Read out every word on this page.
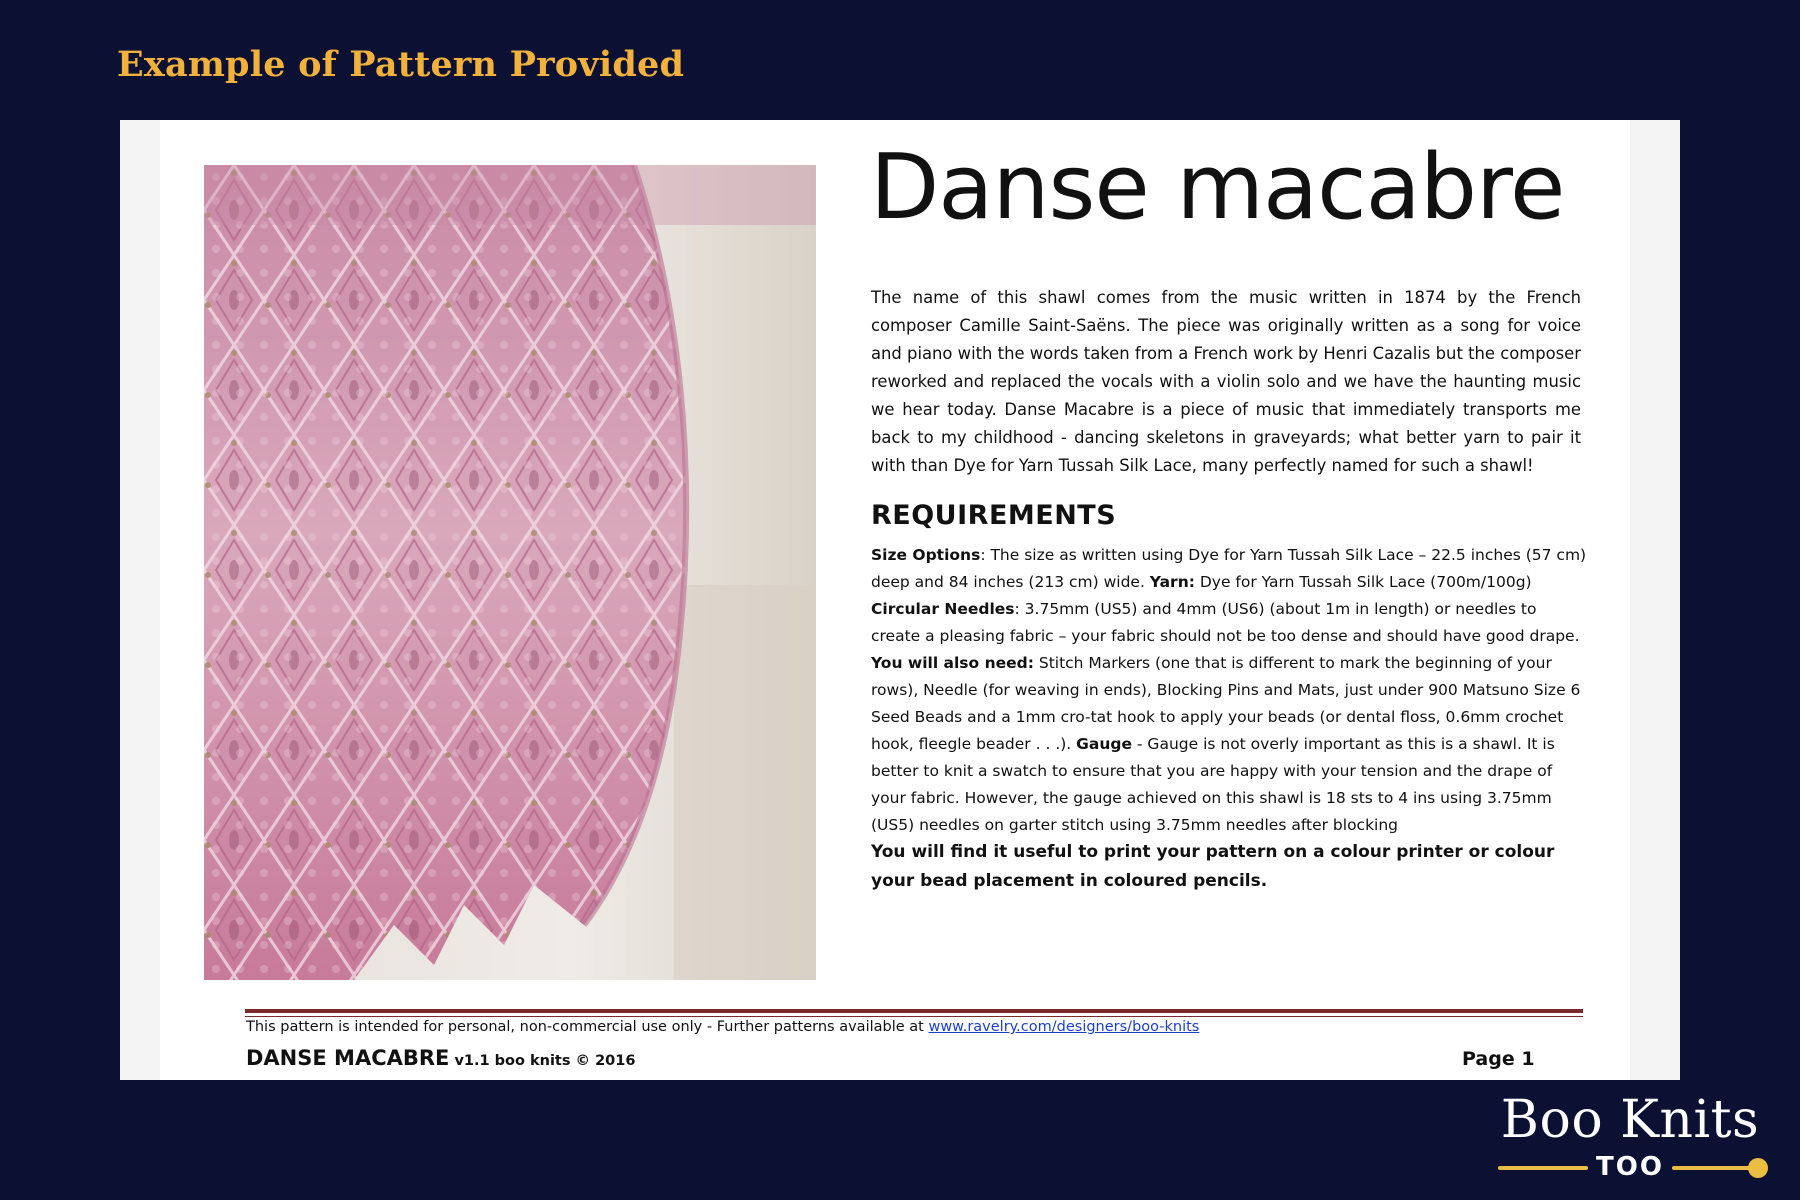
Example of Pattern Provided
Danse macabre

The name of this shawl comes from the music written in 1874 by the French composer Camille Saint-Saëns. The piece was originally written as a song for voice and piano with the words taken from a French work by Henri Cazalis but the composer reworked and replaced the vocals with a violin solo and we have the haunting music we hear today. Danse Macabre is a piece of music that immediately transports me back to my childhood - dancing skeletons in graveyards; what better yarn to pair it with than Dye for Yarn Tussah Silk Lace, many perfectly named for such a shawl!

REQUIREMENTS

Size Options: The size as written using Dye for Yarn Tussah Silk Lace – 22.5 inches (57 cm) deep and 84 inches (213 cm) wide. Yarn: Dye for Yarn Tussah Silk Lace (700m/100g)
Circular Needles: 3.75mm (US5) and 4mm (US6) (about 1m in length) or needles to create a pleasing fabric – your fabric should not be too dense and should have good drape.
You will also need: Stitch Markers (one that is different to mark the beginning of your rows), Needle (for weaving in ends), Blocking Pins and Mats, just under 900 Matsuno Size 6 Seed Beads and a 1mm cro-tat hook to apply your beads (or dental floss, 0.6mm crochet hook, fleegle beader . . .). Gauge - Gauge is not overly important as this is a shawl. It is better to knit a swatch to ensure that you are happy with your tension and the drape of your fabric. However, the gauge achieved on this shawl is 18 sts to 4 ins using 3.75mm (US5) needles on garter stitch using 3.75mm needles after blocking

You will find it useful to print your pattern on a colour printer or colour your bead placement in coloured pencils.

This pattern is intended for personal, non-commercial use only - Further patterns available at www.ravelry.com/designers/boo-knits
DANSE MACABRE v1.1 boo knits © 2016	Page 1
Boo Knits
TOO
